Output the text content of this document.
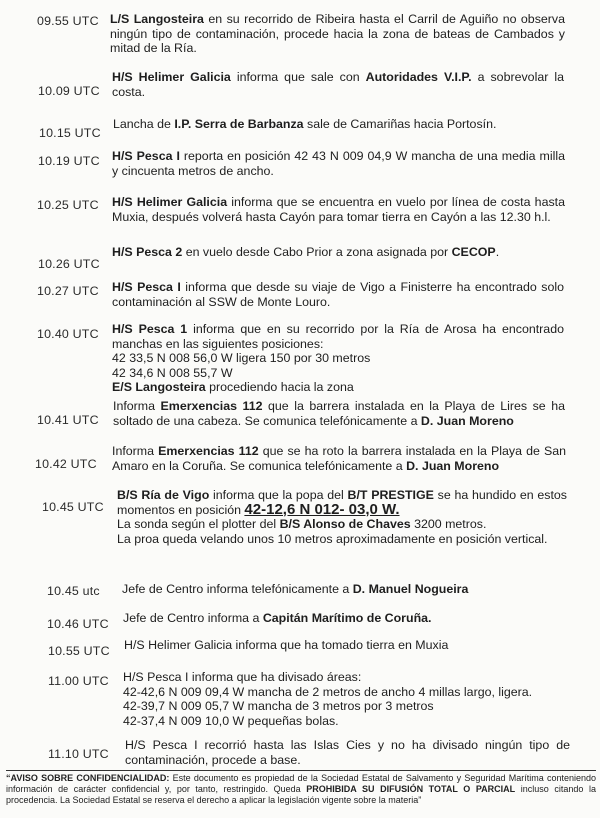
09.55 UTC L/S Langosteira en su recorrido de Ribeira hasta el Carril de Aguiño no observa ningún tipo de contaminación, procede hacia la zona de bateas de Cambados y mitad de la Ría.
10.09 UTC
H/S Helimer Galicia informa que sale con Autoridades V.I.P. a sobrevolar la costa.
10.15 UTC
Lancha de I.P. Serra de Barbanza sale de Camariñas hacia Portosín.
10.19 UTC H/S Pesca I reporta en posición 42 43 N 009 04,9 W mancha de una media milla y cincuenta metros de ancho.
10.25 UTC H/S Helimer Galicia informa que se encuentra en vuelo por línea de costa hasta Muxia, después volverá hasta Cayón para tomar tierra en Cayón a las 12.30 h.l.
10.26 UTC
H/S Pesca 2 en vuelo desde Cabo Prior a zona asignada por CECOP.
10.27 UTC H/S Pesca I informa que desde su viaje de Vigo a Finisterre ha encontrado solo contaminación al SSW de Monte Louro.
10.40 UTC H/S Pesca 1 informa que en su recorrido por la Ría de Arosa ha encontrado manchas en las siguientes posiciones:

42 33,5 N 008 56,0 W ligera 150 por 30 metros

42 34,6 N 008 55,7 W

E/S Langosteira procediendo hacia la zona

10.41 UTC
Informa Emerxencias 112 que la barrera instalada en la Playa de Lires se ha soltado de una cabeza. Se comunica telefónicamente a D. Juan Moreno
10.42 UTC
Informa Emerxencias 112 que se ha roto la barrera instalada en la Playa de San Amaro en la Coruña. Se comunica telefónicamente a D. Juan Moreno
10.45 UTC

B/S Ría de Vigo informa que la popa del B/T PRESTIGE se ha hundido en estos momentos en posición 42-12,6 N 012- 03,0 W.

La sonda según el plotter del B/S Alonso de Chaves 3200 metros.

La proa queda velando unos 10 metros aproximadamente en posición vertical.

10.45 utc Jefe de Centro informa telefónicamente a D. Manuel Nogueira
10.46 UTC Jefe de Centro informa a Capitán Marítimo de Coruña.
10.55 UTC H/S Helimer Galicia informa que ha tomado tierra en Muxia
11.00 UTC H/S Pesca I informa que ha divisado áreas:

42-42,6 N 009 09,4 W mancha de 2 metros de ancho 4 millas largo, ligera.

42-39,7 N 009 05,7 W mancha de 3 metros por 3 metros

42-37,4 N 009 10,0 W pequeñas bolas.

11.10 UTC
H/S Pesca I recorrió hasta las Islas Cies y no ha divisado ningún tipo de contaminación, procede a base.
“AVISO SOBRE CONFIDENCIALIDAD: Este documento es propiedad de la Sociedad Estatal de Salvamento y Seguridad Marítima conteniendo información de carácter confidencial y, por tanto, restringido. Queda PROHIBIDA SU DIFUSIÓN TOTAL O PARCIAL incluso citando la procedencia. La Sociedad Estatal se reserva el derecho a aplicar la legislación vigente sobre la materia”
